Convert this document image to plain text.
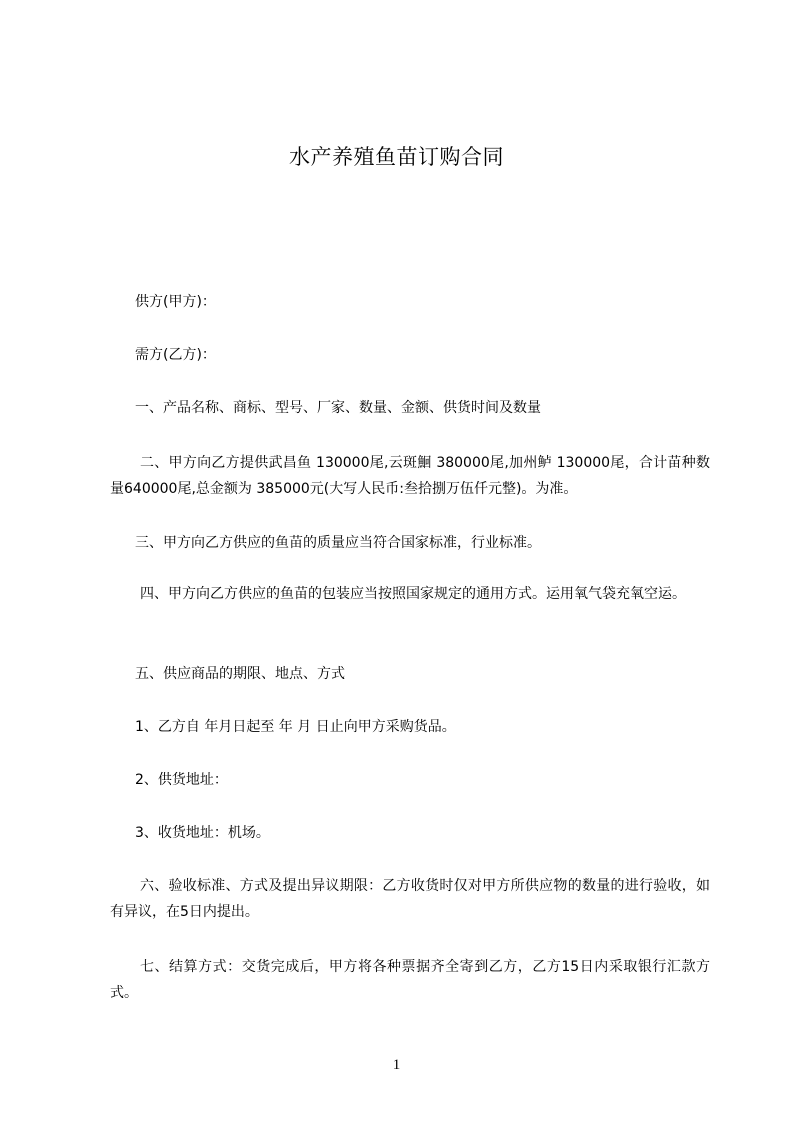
水产养殖鱼苗订购合同
供方(甲方)：
需方(乙方)：
一、产品名称、商标、型号、厂家、数量、金额、供货时间及数量
二、甲方向乙方提供武昌鱼 130000尾,云斑鮰 380000尾,加州鲈 130000尾，合计苗种数量640000尾,总金额为 385000元(大写人民币:叁拾捌万伍仟元整)。为准。
三、甲方向乙方供应的鱼苗的质量应当符合国家标准，行业标准。
四、甲方向乙方供应的鱼苗的包装应当按照国家规定的通用方式。运用氧气袋充氧空运。
五、供应商品的期限、地点、方式
1、乙方自 年月日起至 年 月 日止向甲方采购货品。
2、供货地址：
3、收货地址：机场。
六、验收标准、方式及提出异议期限：乙方收货时仅对甲方所供应物的数量的进行验收，如有异议，在5日内提出。
七、结算方式：交货完成后，甲方将各种票据齐全寄到乙方，乙方15日内采取银行汇款方式。
1
